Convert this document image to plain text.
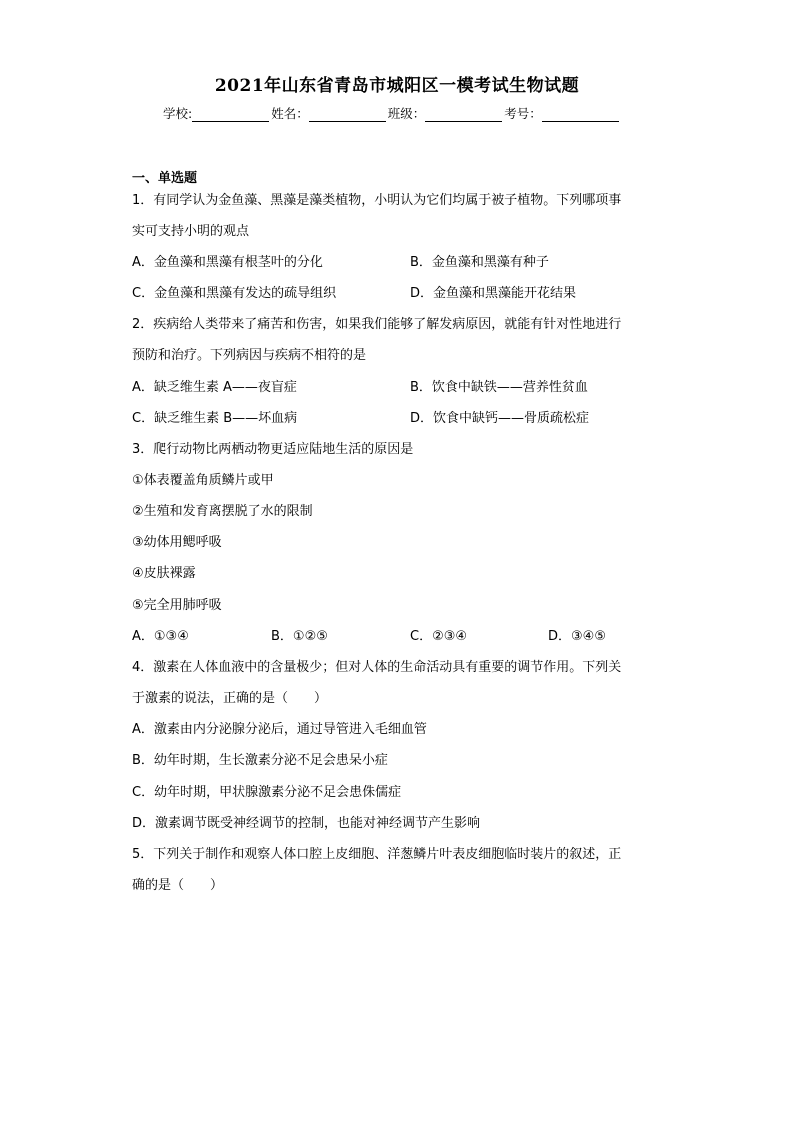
2021年山东省青岛市城阳区一模考试生物试题
学校:	姓名：	班级：	考号：
一、单选题
1．有同学认为金鱼藻、黑藻是藻类植物，小明认为它们均属于被子植物。下列哪项事
实可支持小明的观点
A．金鱼藻和黑藻有根茎叶的分化	B．金鱼藻和黑藻有种子
C．金鱼藻和黑藻有发达的疏导组织	D．金鱼藻和黑藻能开花结果
2．疾病给人类带来了痛苦和伤害，如果我们能够了解发病原因，就能有针对性地进行
预防和治疗。下列病因与疾病不相符的是
A．缺乏维生素 A——夜盲症	B．饮食中缺铁——营养性贫血
C．缺乏维生素 B——坏血病	D．饮食中缺钙——骨质疏松症
3．爬行动物比两栖动物更适应陆地生活的原因是
①体表覆盖角质鳞片或甲
②生殖和发育离摆脱了水的限制
③幼体用鳃呼吸
④皮肤裸露
⑤完全用肺呼吸
A．①③④	B．①②⑤	C．②③④	D．③④⑤
4．激素在人体血液中的含量极少；但对人体的生命活动具有重要的调节作用。下列关
于激素的说法，正确的是（　　）
A．激素由内分泌腺分泌后，通过导管进入毛细血管
B．幼年时期，生长激素分泌不足会患呆小症
C．幼年时期，甲状腺激素分泌不足会患侏儒症
D．激素调节既受神经调节的控制，也能对神经调节产生影响
5．下列关于制作和观察人体口腔上皮细胞、洋葱鳞片叶表皮细胞临时装片的叙述，正
确的是（　　）
